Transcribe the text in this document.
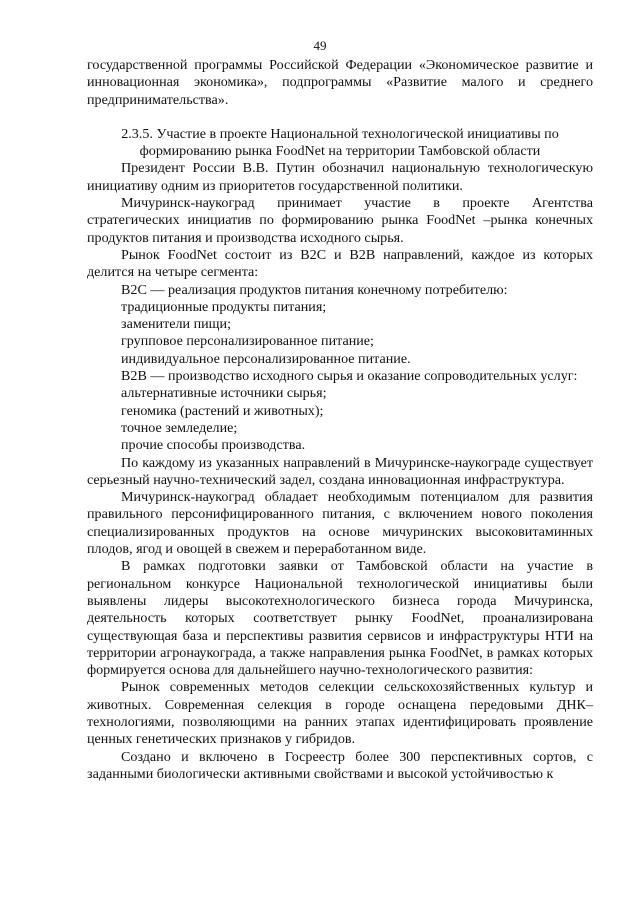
49

государственной программы Российской Федерации «Экономическое развитие и инновационная экономика», подпрограммы «Развитие малого и среднего предпринимательства».

2.3.5. Участие в проекте Национальной технологической инициативы по формированию рынка FoodNet на территории Тамбовской области

Президент России В.В. Путин обозначил национальную технологическую инициативу одним из приоритетов государственной политики.

Мичуринск-наукоград принимает участие в проекте Агентства стратегических инициатив по формированию рынка FoodNet –рынка конечных продуктов питания и производства исходного сырья.

Рынок FoodNet состоит из B2C и B2B направлений, каждое из которых делится на четыре сегмента:

B2C — реализация продуктов питания конечному потребителю:

традиционные продукты питания;

заменители пищи;

групповое персонализированное питание;

индивидуальное персонализированное питание.

B2B — производство исходного сырья и оказание сопроводительных услуг:

альтернативные источники сырья;

геномика (растений и животных);

точное земледелие;

прочие способы производства.

По каждому из указанных направлений в Мичуринске-наукограде существует серьезный научно-технический задел, создана инновационная инфраструктура.

Мичуринск-наукоград обладает необходимым потенциалом для развития правильного персонифицированного питания, с включением нового поколения специализированных продуктов на основе мичуринских высоковитаминных плодов, ягод и овощей в свежем и переработанном виде.

В рамках подготовки заявки от Тамбовской области на участие в региональном конкурсе Национальной технологической инициативы были выявлены лидеры высокотехнологического бизнеса города Мичуринска, деятельность которых соответствует рынку FoodNet, проанализирована существующая база и перспективы развития сервисов и инфраструктуры НТИ на территории агронаукограда, а также направления рынка FoodNet, в рамках которых формируется основа для дальнейшего научно-технологического развития:

Рынок современных методов селекции сельскохозяйственных культур и животных. Современная селекция в городе оснащена передовыми ДНК–технологиями, позволяющими на ранних этапах идентифицировать проявление ценных генетических признаков у гибридов.

Создано и включено в Госреестр более 300 перспективных сортов, с заданными биологически активными свойствами и высокой устойчивостью к
